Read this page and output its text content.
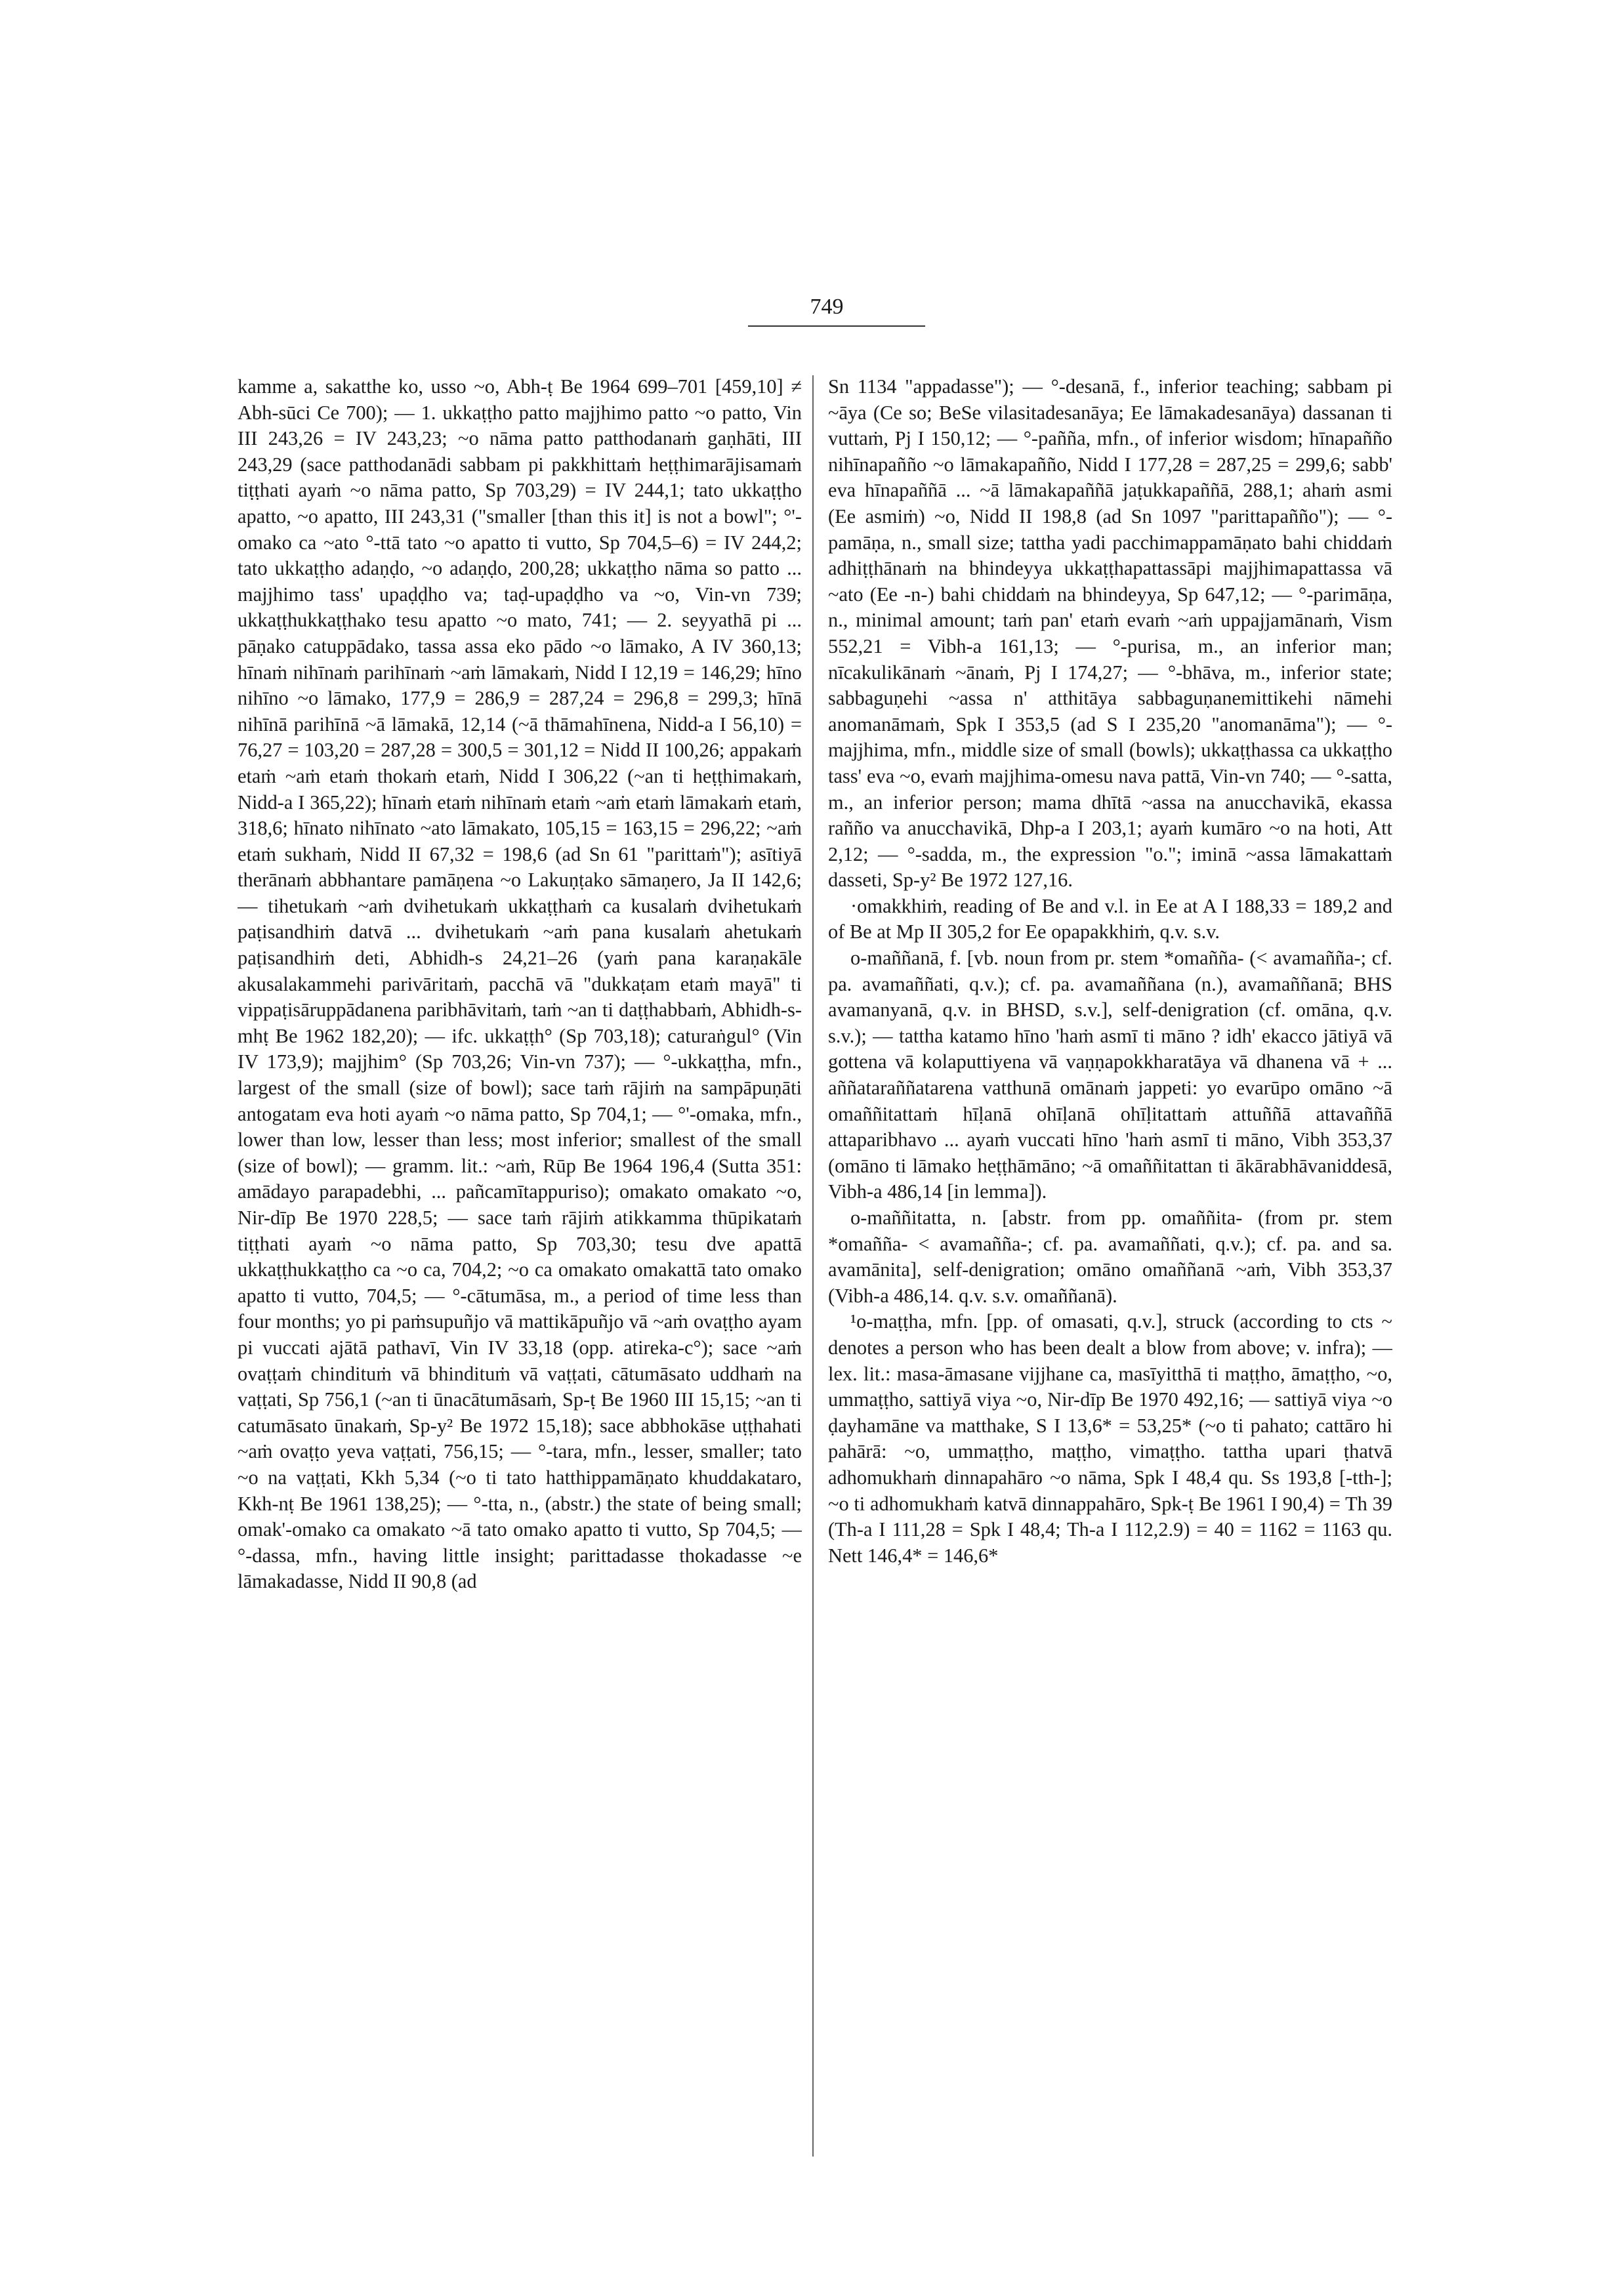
749

kamme a, sakatthe ko, usso ~o, Abh-ṭ Be 1964 699–701 [459,10] ≠ Abh-sūci Ce 700); — 1. ukkaṭṭho patto majjhimo patto ~o patto, Vin III 243,26 = IV 243,23; ~o nāma patto patthodanaṁ gaṇhāti, III 243,29 (sace patthodanādi sabbam pi pakkhittaṁ heṭṭhimarājisamaṁ tiṭṭhati ayaṁ ~o nāma patto, Sp 703,29) = IV 244,1; tato ukkaṭṭho apatto, ~o apatto, III 243,31 ("smaller [than this it] is not a bowl"; °'-omako ca ~ato °-ttā tato ~o apatto ti vutto, Sp 704,5–6) = IV 244,2; tato ukkaṭṭho adaṇḍo, ~o adaṇḍo, 200,28; ukkaṭṭho nāma so patto ... majjhimo tass' upaḍḍho va; taḍ-upaḍḍho va ~o, Vin-vn 739; ukkaṭṭhukkaṭṭhako tesu apatto ~o mato, 741; — 2. seyyathā pi ... pāṇako catuppādako, tassa assa eko pādo ~o lāmako, A IV 360,13; hīnaṁ nihīnaṁ parihīnaṁ ~aṁ lāmakaṁ, Nidd I 12,19 = 146,29; hīno nihīno ~o lāmako, 177,9 = 286,9 = 287,24 = 296,8 = 299,3; hīnā nihīnā parihīnā ~ā lāmakā, 12,14 (~ā thāmahīnena, Nidd-a I 56,10) = 76,27 = 103,20 = 287,28 = 300,5 = 301,12 = Nidd II 100,26; appakaṁ etaṁ ~aṁ etaṁ thokaṁ etaṁ, Nidd I 306,22 (~an ti heṭṭhimakaṁ, Nidd-a I 365,22); hīnaṁ etaṁ nihīnaṁ etaṁ ~aṁ etaṁ lāmakaṁ etaṁ, 318,6; hīnato nihīnato ~ato lāmakato, 105,15 = 163,15 = 296,22; ~aṁ etaṁ sukhaṁ, Nidd II 67,32 = 198,6 (ad Sn 61 "parittaṁ"); asītiyā therānaṁ abbhantare pamāṇena ~o Lakuṇṭako sāmaṇero, Ja II 142,6; — tihetukaṁ ~aṁ dvihetukaṁ ukkaṭṭhaṁ ca kusalaṁ dvihetukaṁ paṭisandhiṁ datvā ... dvihetukaṁ ~aṁ pana kusalaṁ ahetukaṁ paṭisandhiṁ deti, Abhidh-s 24,21–26 (yaṁ pana karaṇakāle akusalakammehi parivāritaṁ, pacchā vā "dukkaṭam etaṁ mayā" ti vippaṭisāruppādanena paribhāvitaṁ, taṁ ~an ti daṭṭhabbaṁ, Abhidh-s-mhṭ Be 1962 182,20); — ifc. ukkaṭṭh° (Sp 703,18); caturaṅgul° (Vin IV 173,9); majjhim° (Sp 703,26; Vin-vn 737); — °-ukkaṭṭha, mfn., largest of the small (size of bowl); sace taṁ rājiṁ na sampāpuṇāti antogatam eva hoti ayaṁ ~o nāma patto, Sp 704,1; — °'-omaka, mfn., lower than low, lesser than less; most inferior; smallest of the small (size of bowl); — gramm. lit.: ~aṁ, Rūp Be 1964 196,4 (Sutta 351: amādayo parapadebhi, ... pañcamītappuriso); omakato omakato ~o, Nir-dīp Be 1970 228,5; — sace taṁ rājiṁ atikkamma thūpikataṁ tiṭṭhati ayaṁ ~o nāma patto, Sp 703,30; tesu dve apattā ukkaṭṭhukkaṭṭho ca ~o ca, 704,2; ~o ca omakato omakattā tato omako apatto ti vutto, 704,5; — °-cātumāsa, m., a period of time less than four months; yo pi paṁsupuñjo vā mattikāpuñjo vā ~aṁ ovaṭṭho ayam pi vuccati ajātā pathavī, Vin IV 33,18 (opp. atireka-c°); sace ~aṁ ovaṭṭaṁ chindituṁ vā bhindituṁ vā vaṭṭati, cātumāsato uddhaṁ na vaṭṭati, Sp 756,1 (~an ti ūnacātumāsaṁ, Sp-ṭ Be 1960 III 15,15; ~an ti catumāsato ūnakaṁ, Sp-y² Be 1972 15,18); sace abbhokāse uṭṭhahati ~aṁ ovaṭṭo yeva vaṭṭati, 756,15; — °-tara, mfn., lesser, smaller; tato ~o na vaṭṭati, Kkh 5,34 (~o ti tato hatthippamāṇato khuddakataro, Kkh-nṭ Be 1961 138,25); — °-tta, n., (abstr.) the state of being small; omak'-omako ca omakato ~ā tato omako apatto ti vutto, Sp 704,5; — °-dassa, mfn., having little insight; parittadasse thokadasse ~e lāmakadasse, Nidd II 90,8 (ad

Sn 1134 "appadasse"); — °-desanā, f., inferior teaching; sabbam pi ~āya (Ce so; BeSe vilasitadesanāya; Ee lāmakadesanāya) dassanan ti vuttaṁ, Pj I 150,12; — °-pañña, mfn., of inferior wisdom; hīnapañño nihīnapañño ~o lāmakapañño, Nidd I 177,28 = 287,25 = 299,6; sabb' eva hīnapaññā ... ~ā lāmakapaññā jaṭukkapaññā, 288,1; ahaṁ asmi (Ee asmiṁ) ~o, Nidd II 198,8 (ad Sn 1097 "parittapañño"); — °-pamāṇa, n., small size; tattha yadi pacchimappamāṇato bahi chiddaṁ adhiṭṭhānaṁ na bhindeyya ukkaṭṭhapattassāpi majjhimapattassa vā ~ato (Ee -n-) bahi chiddaṁ na bhindeyya, Sp 647,12; — °-parimāṇa, n., minimal amount; taṁ pan' etaṁ evaṁ ~aṁ uppajjamānaṁ, Vism 552,21 = Vibh-a 161,13; — °-purisa, m., an inferior man; nīcakulikānaṁ ~ānaṁ, Pj I 174,27; — °-bhāva, m., inferior state; sabbaguṇehi ~assa n' atthitāya sabbaguṇanemittikehi nāmehi anomanāmaṁ, Spk I 353,5 (ad S I 235,20 "anomanāma"); — °-majjhima, mfn., middle size of small (bowls); ukkaṭṭhassa ca ukkaṭṭho tass' eva ~o, evaṁ majjhima-omesu nava pattā, Vin-vn 740; — °-satta, m., an inferior person; mama dhītā ~assa na anucchavikā, ekassa rañño va anucchavikā, Dhp-a I 203,1; ayaṁ kumāro ~o na hoti, Att 2,12; — °-sadda, m., the expression "o."; iminā ~assa lāmakattaṁ dasseti, Sp-y² Be 1972 127,16.

·omakkhiṁ, reading of Be and v.l. in Ee at A I 188,33 = 189,2 and of Be at Mp II 305,2 for Ee opapakkhiṁ, q.v. s.v.

o-maññanā, f. [vb. noun from pr. stem *omañña- (< avamañña-; cf. pa. avamaññati, q.v.); cf. pa. avamaññana (n.), avamaññanā; BHS avamanyanā, q.v. in BHSD, s.v.], self-denigration (cf. omāna, q.v. s.v.); — tattha katamo hīno 'haṁ asmī ti māno ? idh' ekacco jātiyā vā gottena vā kolaputtiyena vā vaṇṇapokkharatāya vā dhanena vā + ... aññataraññatarena vatthunā omānaṁ jappeti: yo evarūpo omāno ~ā omaññitattaṁ hīḷanā ohīḷanā ohīḷitattaṁ attuññā attavaññā attaparibhavo ... ayaṁ vuccati hīno 'haṁ asmī ti māno, Vibh 353,37 (omāno ti lāmako heṭṭhāmāno; ~ā omaññitattan ti ākārabhāvaniddesā, Vibh-a 486,14 [in lemma]).

o-maññitatta, n. [abstr. from pp. omaññita- (from pr. stem *omañña- < avamañña-; cf. pa. avamaññati, q.v.); cf. pa. and sa. avamānita], self-denigration; omāno omaññanā ~aṁ, Vibh 353,37 (Vibh-a 486,14. q.v. s.v. omaññanā).

¹o-maṭṭha, mfn. [pp. of omasati, q.v.], struck (according to cts ~ denotes a person who has been dealt a blow from above; v. infra); — lex. lit.: masa-āmasane vijjhane ca, masīyitthā ti maṭṭho, āmaṭṭho, ~o, ummaṭṭho, sattiyā viya ~o, Nir-dīp Be 1970 492,16; — sattiyā viya ~o ḍayhamāne va matthake, S I 13,6* = 53,25* (~o ti pahato; cattāro hi pahārā: ~o, ummaṭṭho, maṭṭho, vimaṭṭho. tattha upari ṭhatvā adhomukhaṁ dinnapahāro ~o nāma, Spk I 48,4 qu. Ss 193,8 [-tth-]; ~o ti adhomukhaṁ katvā dinnappahāro, Spk-ṭ Be 1961 I 90,4) = Th 39 (Th-a I 111,28 = Spk I 48,4; Th-a I 112,2.9) = 40 = 1162 = 1163 qu. Nett 146,4* = 146,6*
